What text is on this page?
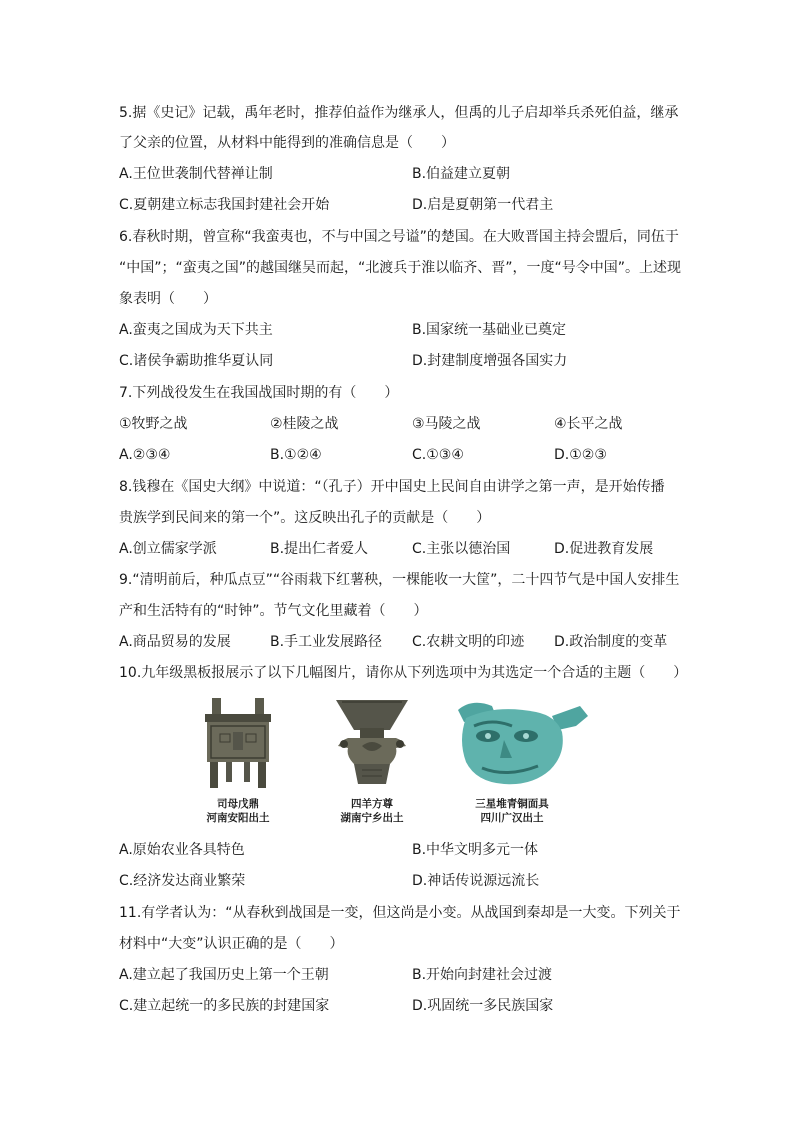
5.据《史记》记载，禹年老时，推荐伯益作为继承人，但禹的儿子启却举兵杀死伯益，继承
了父亲的位置，从材料中能得到的准确信息是（　　）
A.王位世袭制代替禅让制	B.伯益建立夏朝
C.夏朝建立标志我国封建社会开始	D.启是夏朝第一代君主
6.春秋时期，曾宣称“我蛮夷也，不与中国之号谥”的楚国。在大败晋国主持会盟后，同伍于
“中国”；“蛮夷之国”的越国继吴而起，“北渡兵于淮以临齐、晋”，一度“号令中国”。上述现
象表明（　　）
A.蛮夷之国成为天下共主	B.国家统一基础业已奠定
C.诸侯争霸助推华夏认同	D.封建制度增强各国实力
7.下列战役发生在我国战国时期的有（　　）
①牧野之战	②桂陵之战	③马陵之战	④长平之战
A.②③④	B.①②④	C.①③④	D.①②③
8.钱穆在《国史大纲》中说道：“（孔子）开中国史上民间自由讲学之第一声，是开始传播
贵族学到民间来的第一个”。这反映出孔子的贡献是（　　）
A.创立儒家学派	B.提出仁者爱人	C.主张以德治国	D.促进教育发展
9.“清明前后，种瓜点豆”“谷雨栽下红薯秧，一棵能收一大筐”，二十四节气是中国人安排生
产和生活特有的“时钟”。节气文化里藏着（　　）
A.商品贸易的发展	B.手工业发展路径 C.农耕文明的印迹 D.政治制度的变革
10.九年级黑板报展示了以下几幅图片，请你从下列选项中为其选定一个合适的主题（　　）
司母戊鼎
河南安阳出土
四羊方尊
湖南宁乡出土
三星堆青铜面具
四川广汉出土
A.原始农业各具特色	B.中华文明多元一体
C.经济发达商业繁荣	D.神话传说源远流长
11.有学者认为：“从春秋到战国是一变，但这尚是小变。从战国到秦却是一大变。下列关于
材料中“大变”认识正确的是（　　）
A.建立起了我国历史上第一个王朝	B.开始向封建社会过渡
C.建立起统一的多民族的封建国家	D.巩固统一多民族国家
